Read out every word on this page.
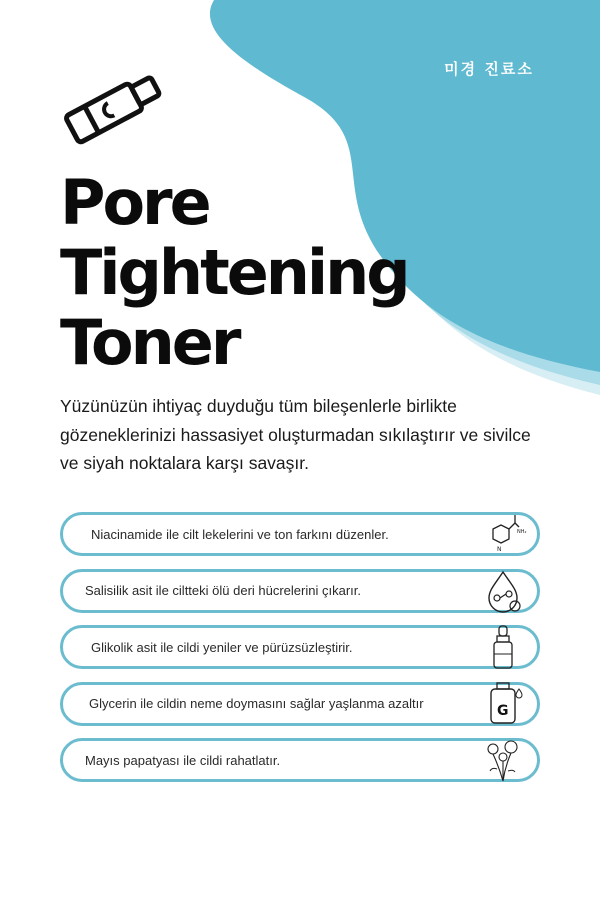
미경 진료소
Pore
Tightening
Toner

Yüzünüzün ihtiyaç duyduğu tüm bileşenlerle birlikte gözeneklerinizi hassasiyet oluşturmadan sıkılaştırır ve sivilce ve siyah noktalara karşı savaşır.

Niacinamide ile cilt lekelerini ve ton farkını düzenler.
N
NH₂
Salisilik asit ile ciltteki ölü deri hücrelerini çıkarır.
Glikolik asit ile cildi yeniler ve pürüzsüzleştirir.
Glycerin ile cildin neme doymasını sağlar yaşlanma azaltır	G
Mayıs papatyası ile cildi rahatlatır.
